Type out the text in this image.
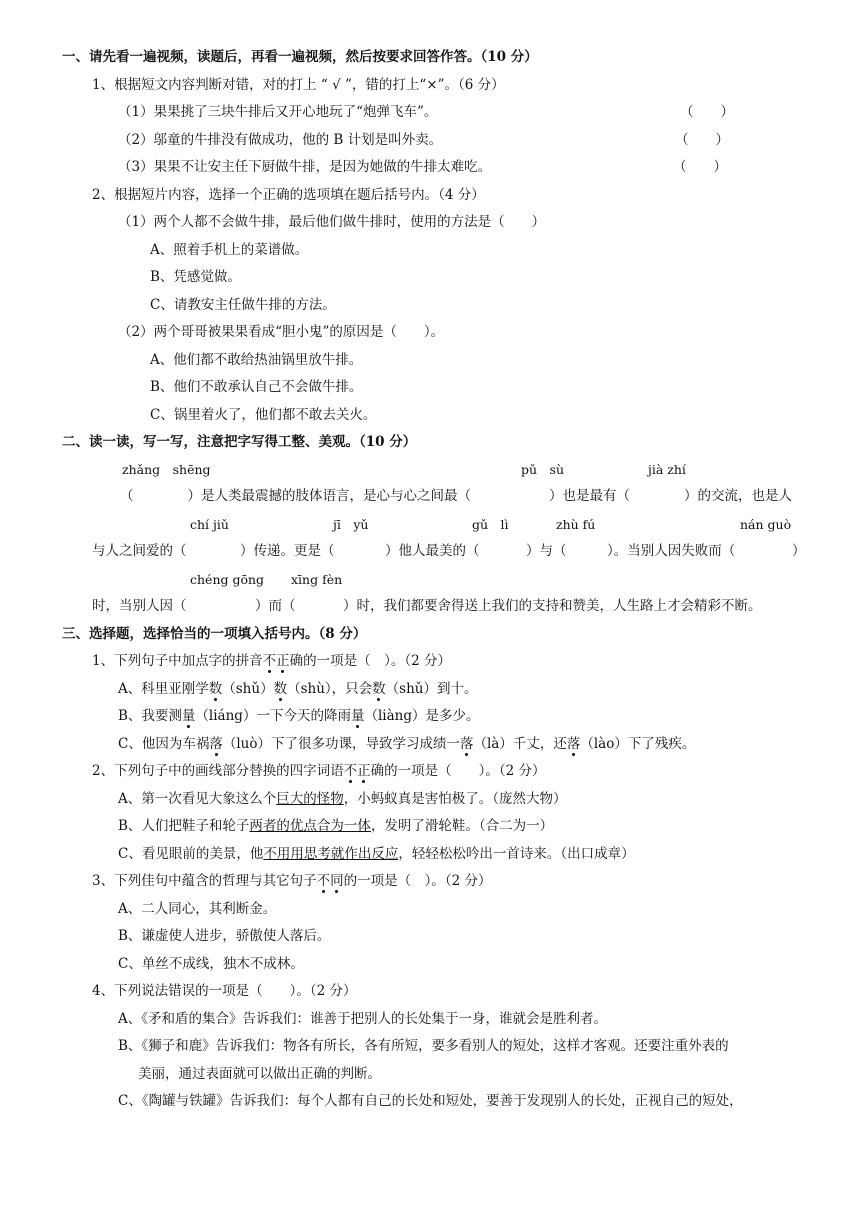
一、请先看一遍视频，读题后，再看一遍视频，然后按要求回答作答。（10 分）
1、根据短文内容判断对错，对的打上 “ √ ”，错的打上“×”。（6 分）
（1）果果挑了三块牛排后又开心地玩了“炮弹飞车”。	（　　）
（2）邬童的牛排没有做成功，他的 B 计划是叫外卖。	（　　）
（3）果果不让安主任下厨做牛排，是因为她做的牛排太难吃。	（　　）
2、根据短片内容，选择一个正确的选项填在题后括号内。（4 分）
（1）两个人都不会做牛排，最后他们做牛排时，使用的方法是（　　）
A、照着手机上的菜谱做。
B、凭感觉做。
C、请教安主任做牛排的方法。
（2）两个哥哥被果果看成“胆小鬼”的原因是（　　）。
A、他们都不敢给热油锅里放牛排。
B、他们不敢承认自己不会做牛排。
C、锅里着火了，他们都不敢去关火。
二、读一读，写一写，注意把字写得工整、美观。（10 分）
zhǎng　shēng	pǔ　sù	jià zhí
（　　　　）是人类最震撼的肢体语言，是心与心之间最（	）也是最有（	）的交流，也是人
chí jiǔ	jī　yǔ	gǔ　lì	zhù fú	nán guò
与人之间爱的（	）传递。更是（	）他人最美的（	）与（	）。当别人因失败而（	）
chéng gōng xīng fèn
时，当别人因（	）而（	）时，我们都要舍得送上我们的支持和赞美，人生路上才会精彩不断。
三、选择题，选择恰当的一项填入括号内。（8 分）
1、下列句子中加点字的拼音不正确的一项是（　）。（2 分）
A、科里亚刚学数（shǔ）数（shù），只会数（shǔ）到十。
B、我要测量（liáng）一下今天的降雨量（liàng）是多少。
C、他因为车祸落（luò）下了很多功课，导致学习成绩一落（là）千丈，还落（lào）下了残疾。
2、下列句子中的画线部分替换的四字词语不正确的一项是（　　）。（2 分）
A、第一次看见大象这么个巨大的怪物，小蚂蚁真是害怕极了。（庞然大物）
B、人们把鞋子和轮子两者的优点合为一体，发明了滑轮鞋。（合二为一）
C、看见眼前的美景，他不用用思考就作出反应，轻轻松松吟出一首诗来。（出口成章）
3、下列佳句中蕴含的哲理与其它句子不同的一项是（　）。（2 分）
A、二人同心，其利断金。
B、谦虚使人进步，骄傲使人落后。
C、单丝不成线，独木不成林。
4、下列说法错误的一项是（　　）。（2 分）
A、《矛和盾的集合》告诉我们：谁善于把别人的长处集于一身，谁就会是胜利者。
B、《狮子和鹿》告诉我们：物各有所长，各有所短，要多看别人的短处，这样才客观。还要注重外表的
美丽，通过表面就可以做出正确的判断。
C、《陶罐与铁罐》告诉我们：每个人都有自己的长处和短处，要善于发现别人的长处，正视自己的短处，
